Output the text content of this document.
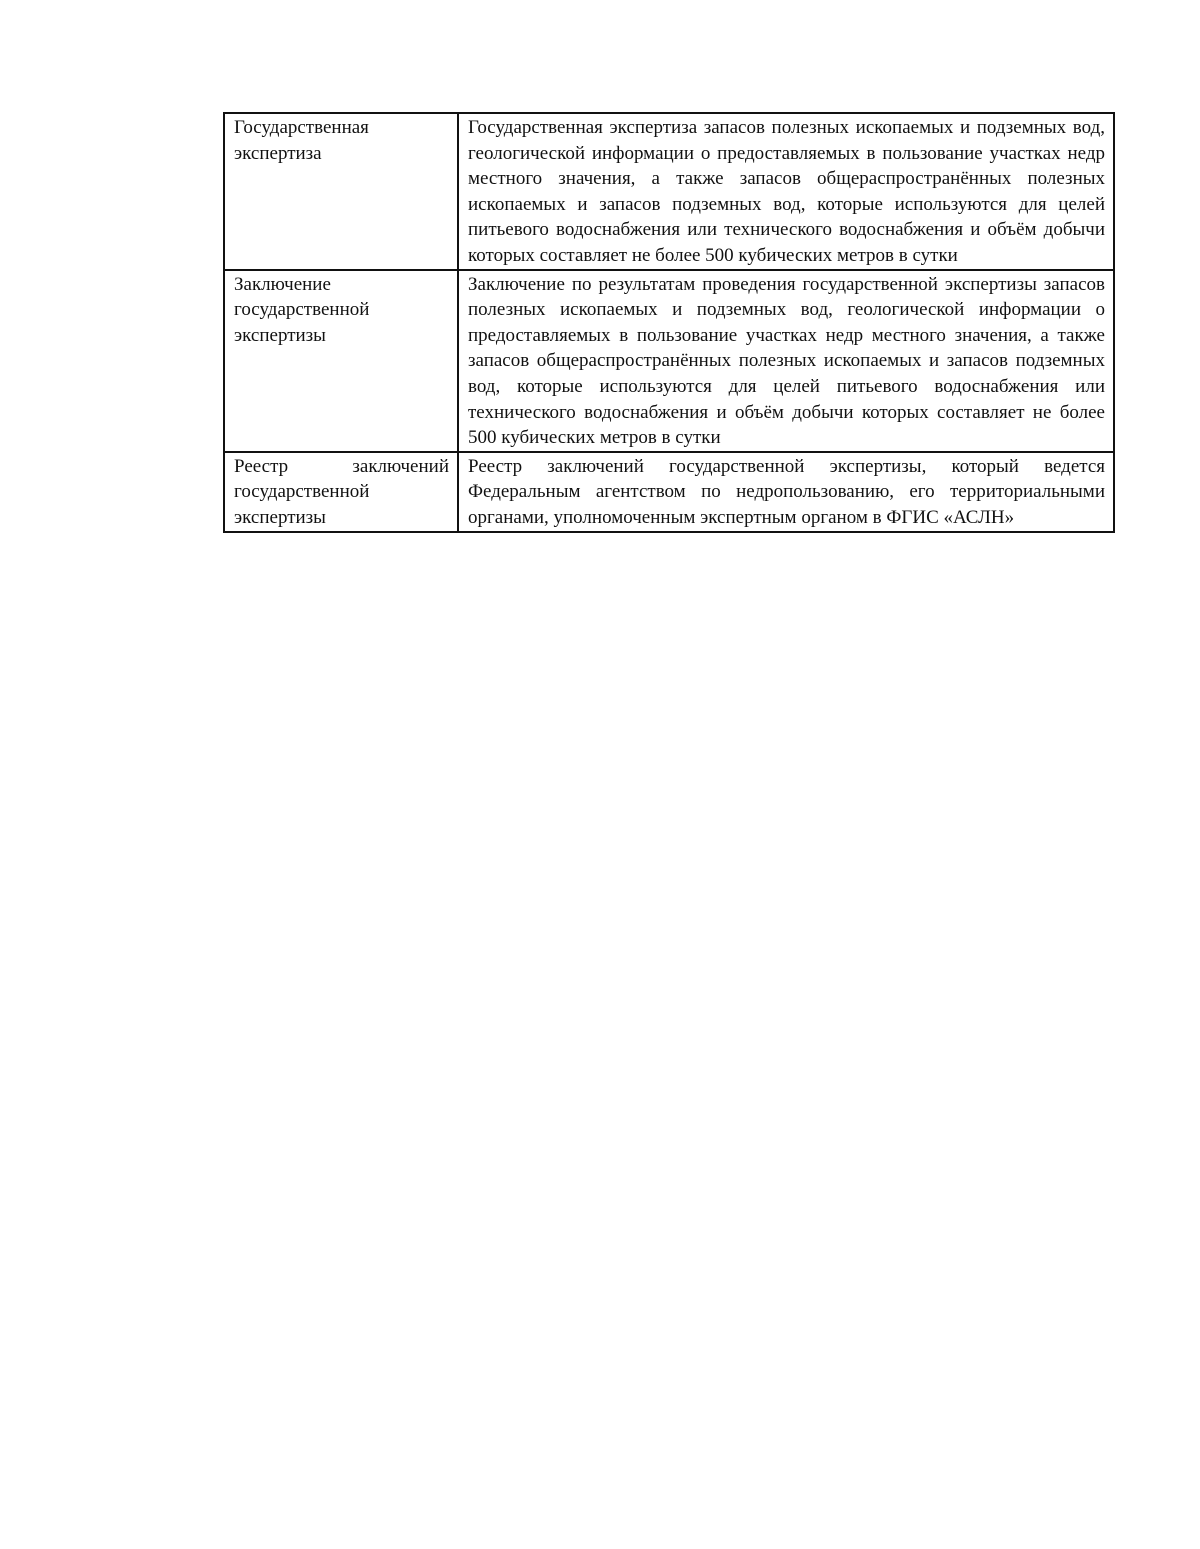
Государственная экспертиза	Государственная экспертиза запасов полезных ископаемых и подземных вод, геологической информации о предоставляемых в пользование участках недр местного значения, а также запасов общераспространённых полезных ископаемых и запасов подземных вод, которые используются для целей питьевого водоснабжения или технического водоснабжения и объём добычи которых составляет не более 500 кубических метров в сутки
Заключение государственной экспертизы	Заключение по результатам проведения государственной экспертизы запасов полезных ископаемых и подземных вод, геологической информации о предоставляемых в пользование участках недр местного значения, а также запасов общераспространённых полезных ископаемых и запасов подземных вод, которые используются для целей питьевого водоснабжения или технического водоснабжения и объём добычи которых составляет не более 500 кубических метров в сутки
Реестр заключений государственной экспертизы	Реестр заключений государственной экспертизы, который ведется Федеральным агентством по недропользованию, его территориальными органами, уполномоченным экспертным органом в ФГИС «АСЛН»
